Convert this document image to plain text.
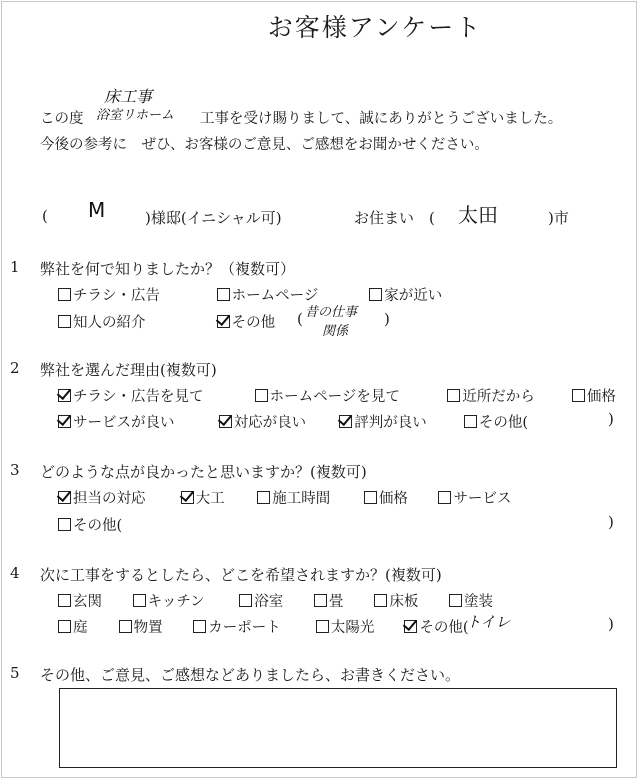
お客様アンケート
この度
床工事
浴室リホーム 工事を受け賜りまして、誠にありがとうございました。
今後の参考に　ぜひ、お客様のご意見、ご感想をお聞かせください。
( M	)様邸(イニシャル可)	お住まい　( 太田	)市
1 弊社を何で知りましたか？（複数可）
チラシ・広告	ホームページ	家が近い
知人の紹介	その他	( 昔の仕事
関係
)
2 弊社を選んだ理由(複数可)
チラシ・広告を見て	ホームページを見て	近所だから	価格
サービスが良い	対応が良い	評判が良い	その他(	)
3 どのような点が良かったと思いますか？(複数可)
担当の対応	大工	施工時間	価格	サービス
その他(	)
4 次に工事をするとしたら、どこを希望されますか？(複数可)
玄関	キッチン	浴室	畳	床板	塗装
庭	物置	カーポート	太陽光	その他(
トイレ	)
5 その他、ご意見、ご感想などありましたら、お書きください。
